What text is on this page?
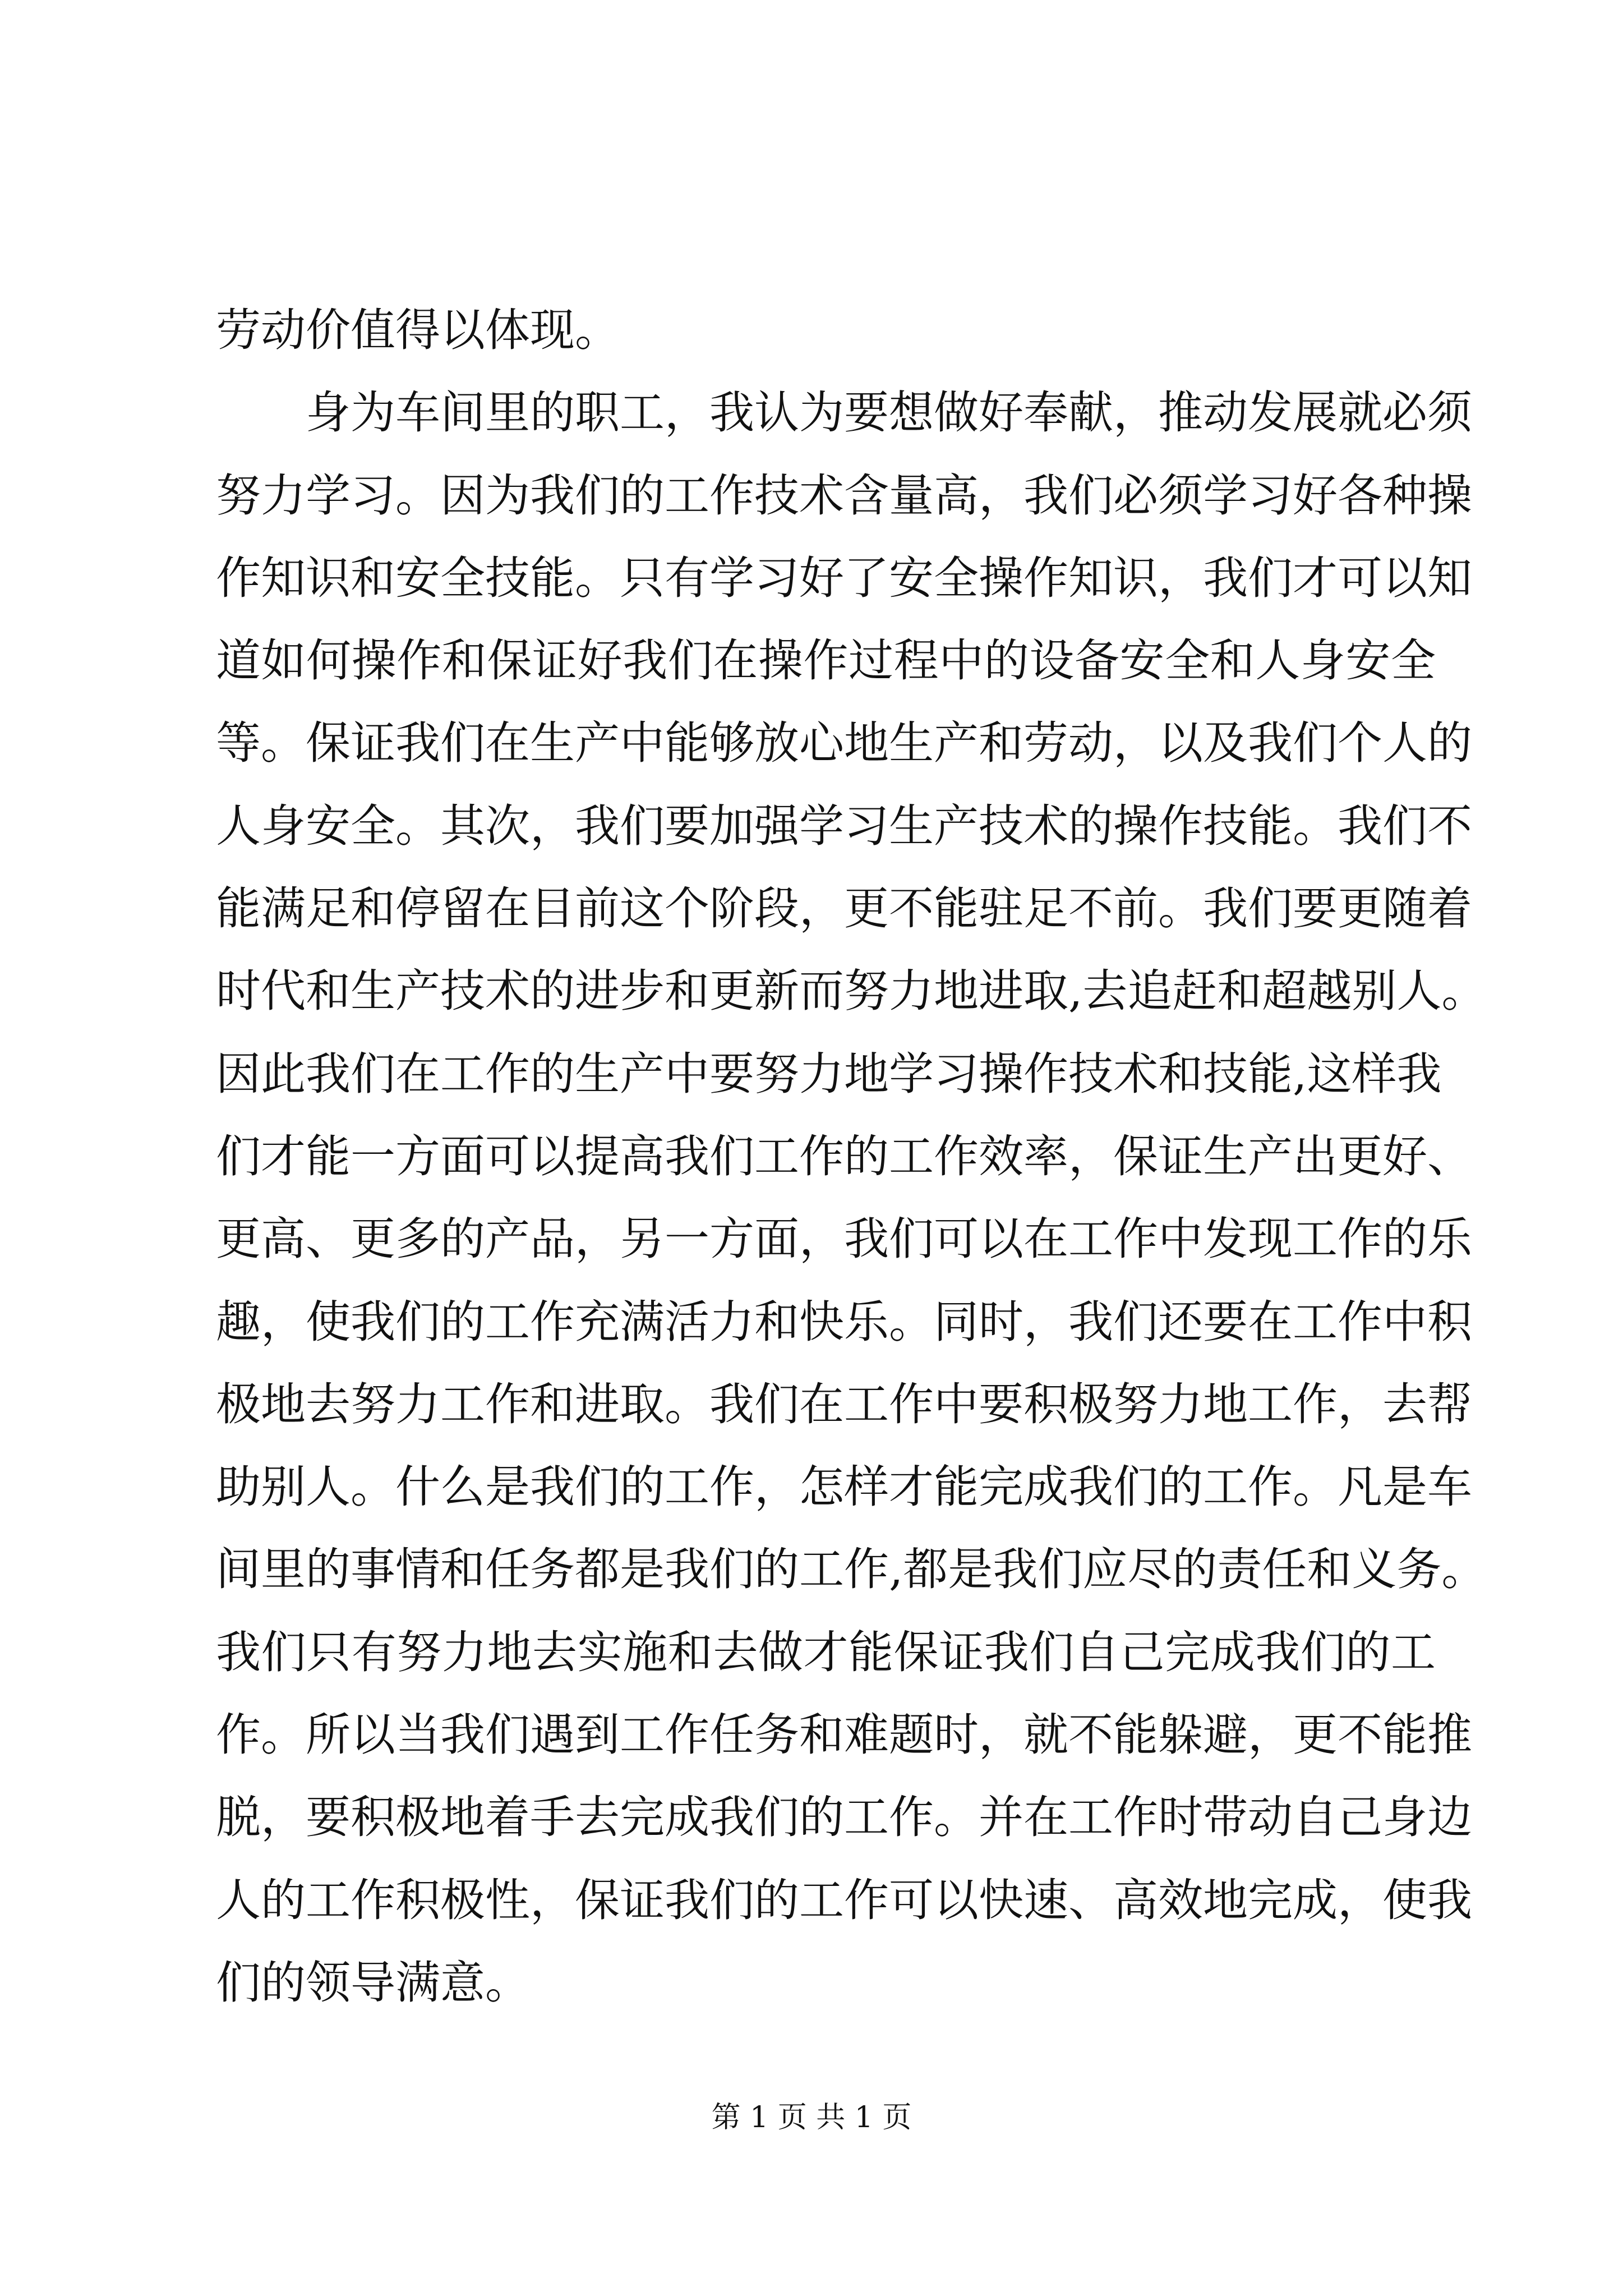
劳动价值得以体现。
身为车间里的职工，我认为要想做好奉献，推动发展就必须
努力学习。因为我们的工作技术含量高，我们必须学习好各种操
作知识和安全技能。只有学习好了安全操作知识，我们才可以知
道如何操作和保证好我们在操作过程中的设备安全和人身安全
等。保证我们在生产中能够放心地生产和劳动，以及我们个人的
人身安全。其次，我们要加强学习生产技术的操作技能。我们不
能满足和停留在目前这个阶段，更不能驻足不前。我们要更随着
时代和生产技术的进步和更新而努力地进取,去追赶和超越别人。
因此我们在工作的生产中要努力地学习操作技术和技能,这样我
们才能一方面可以提高我们工作的工作效率，保证生产出更好、
更高、更多的产品，另一方面，我们可以在工作中发现工作的乐
趣，使我们的工作充满活力和快乐。同时，我们还要在工作中积
极地去努力工作和进取。我们在工作中要积极努力地工作，去帮
助别人。什么是我们的工作，怎样才能完成我们的工作。凡是车
间里的事情和任务都是我们的工作,都是我们应尽的责任和义务。
我们只有努力地去实施和去做才能保证我们自己完成我们的工
作。所以当我们遇到工作任务和难题时，就不能躲避，更不能推
脱，要积极地着手去完成我们的工作。并在工作时带动自己身边
人的工作积极性，保证我们的工作可以快速、高效地完成，使我
们的领导满意。
第 1 页 共 1 页
